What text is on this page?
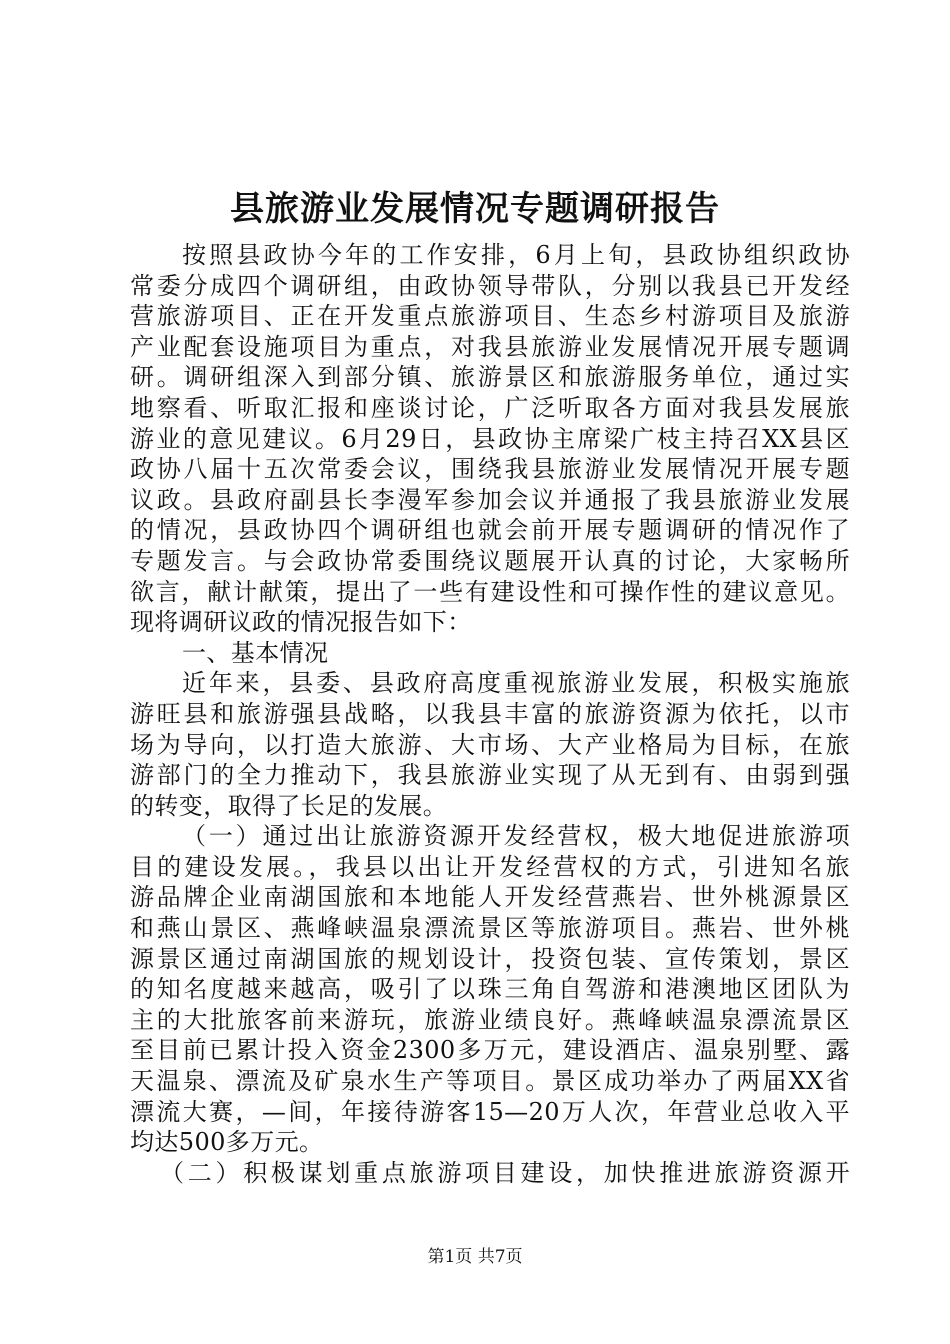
县旅游业发展情况专题调研报告
按照县政协今年的工作安排，6月上旬，县政协组织政协
常委分成四个调研组，由政协领导带队，分别以我县已开发经
营旅游项目、正在开发重点旅游项目、生态乡村游项目及旅游
产业配套设施项目为重点，对我县旅游业发展情况开展专题调
研。调研组深入到部分镇、旅游景区和旅游服务单位，通过实
地察看、听取汇报和座谈讨论，广泛听取各方面对我县发展旅
游业的意见建议。6月29日，县政协主席梁广枝主持召XX县区
政协八届十五次常委会议，围绕我县旅游业发展情况开展专题
议政。县政府副县长李漫军参加会议并通报了我县旅游业发展
的情况，县政协四个调研组也就会前开展专题调研的情况作了
专题发言。与会政协常委围绕议题展开认真的讨论，大家畅所
欲言，献计献策，提出了一些有建设性和可操作性的建议意见。
现将调研议政的情况报告如下：
一、基本情况
近年来，县委、县政府高度重视旅游业发展，积极实施旅
游旺县和旅游强县战略，以我县丰富的旅游资源为依托，以市
场为导向，以打造大旅游、大市场、大产业格局为目标，在旅
游部门的全力推动下，我县旅游业实现了从无到有、由弱到强
的转变，取得了长足的发展。
（一）通过出让旅游资源开发经营权，极大地促进旅游项
目的建设发展。，我县以出让开发经营权的方式，引进知名旅
游品牌企业南湖国旅和本地能人开发经营燕岩、世外桃源景区
和燕山景区、燕峰峡温泉漂流景区等旅游项目。燕岩、世外桃
源景区通过南湖国旅的规划设计，投资包装、宣传策划，景区
的知名度越来越高，吸引了以珠三角自驾游和港澳地区团队为
主的大批旅客前来游玩，旅游业绩良好。燕峰峡温泉漂流景区
至目前已累计投入资金2300多万元，建设酒店、温泉别墅、露
天温泉、漂流及矿泉水生产等项目。景区成功举办了两届XX省
漂流大赛，—间，年接待游客15—20万人次，年营业总收入平
均达500多万元。
（二）积极谋划重点旅游项目建设，加快推进旅游资源开
第1页 共7页
